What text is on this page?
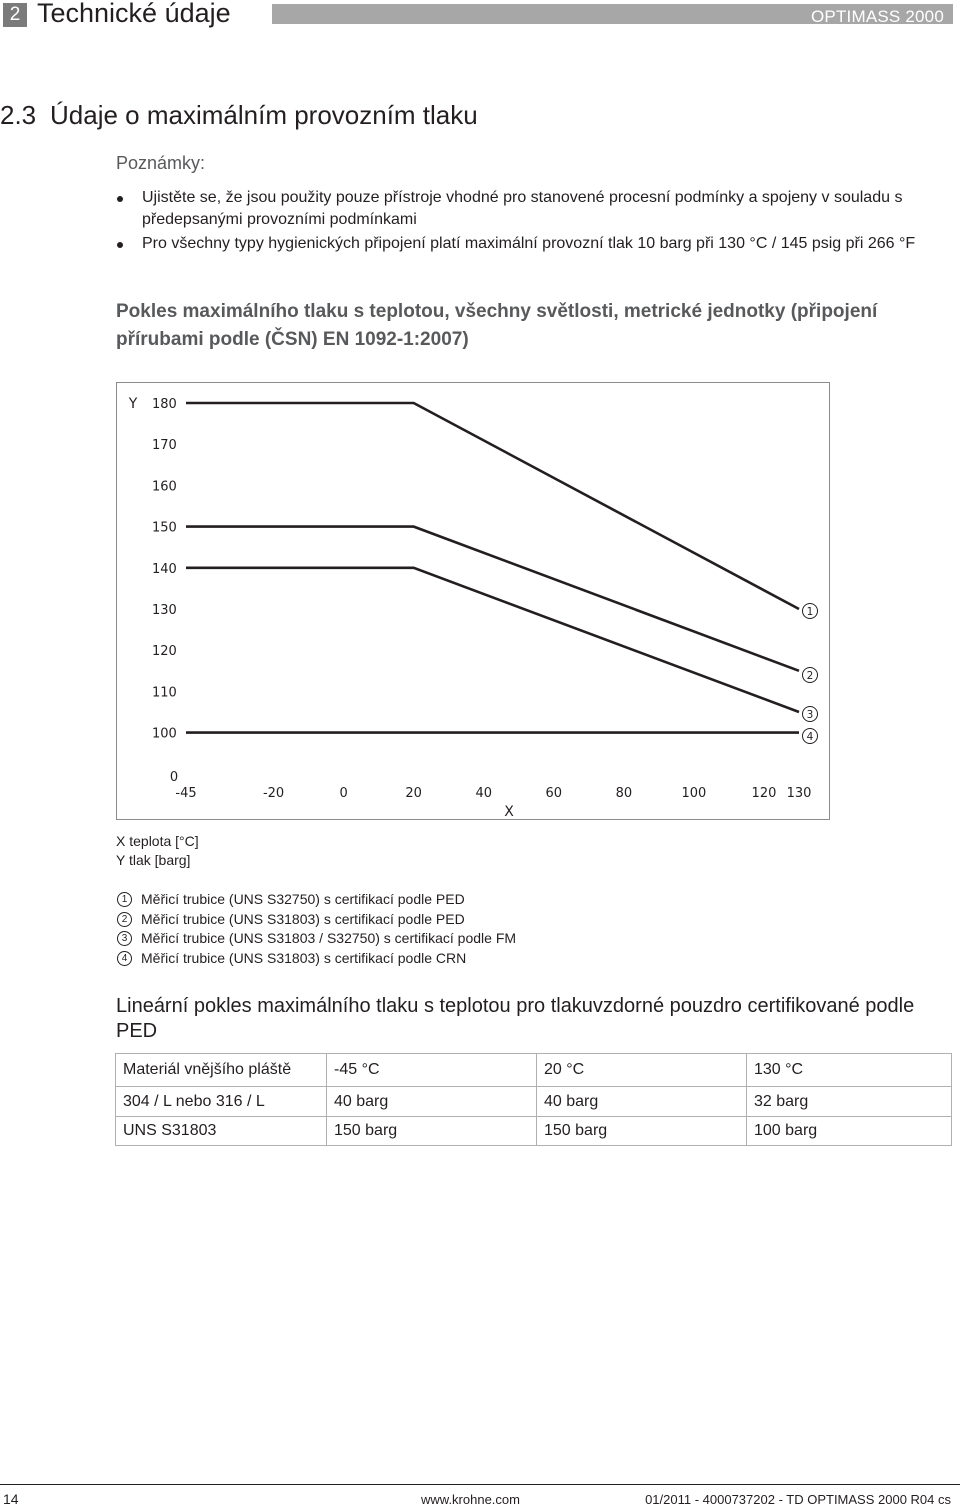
2 Technické údaje	OPTIMASS 2000
2.3 Údaje o maximálním provozním tlaku
Poznámky:
Ujistěte se, že jsou použity pouze přístroje vhodné pro stanovené procesní podmínky a spojeny v souladu s předepsanými provozními podmínkami
Pro všechny typy hygienických připojení platí maximální provozní tlak 10 barg při 130 °C / 145 psig při 266 °F
Pokles maximálního tlaku s teplotou, všechny světlosti, metrické jednotky (připojení přírubami podle (ČSN) EN 1092-1:2007)
Y 180
170
160
150
140
130
120
110
100
0
-45	-20	0	20	40	60	80	100	120 130
X
1
2
3
4
X teplota [°C]
Y tlak [barg]
1 Měřicí trubice (UNS S32750) s certifikací podle PED
2 Měřicí trubice (UNS S31803) s certifikací podle PED
3 Měřicí trubice (UNS S31803 / S32750) s certifikací podle FM
4 Měřicí trubice (UNS S31803) s certifikací podle CRN
Lineární pokles maximálního tlaku s teplotou pro tlakuvzdorné pouzdro certifikované podle PED
Materiál vnějšího pláště	-45 °C	20 °C	130 °C
304 / L nebo 316 / L	40 barg	40 barg	32 barg
UNS S31803	150 barg	150 barg	100 barg
14	www.krohne.com	01/2011 - 4000737202 - TD OPTIMASS 2000 R04 cs
